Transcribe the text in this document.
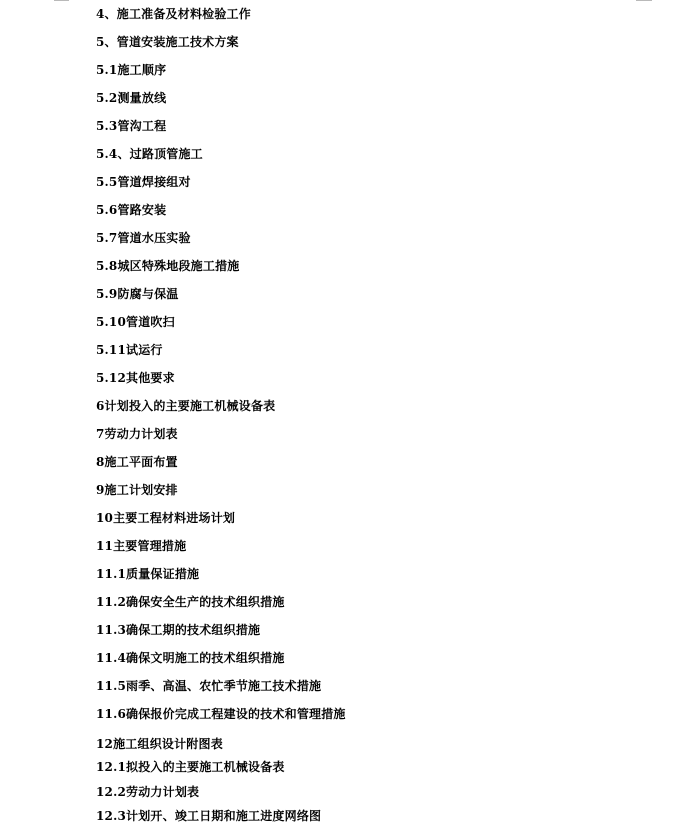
4、施工准备及材料检验工作
5、管道安装施工技术方案
5.1施工顺序
5.2测量放线
5.3管沟工程
5.4、过路顶管施工
5.5管道焊接组对
5.6管路安装
5.7管道水压实验
5.8城区特殊地段施工措施
5.9防腐与保温
5.10管道吹扫
5.11试运行
5.12其他要求
6计划投入的主要施工机械设备表
7劳动力计划表
8施工平面布置
9施工计划安排
10主要工程材料进场计划
11主要管理措施
11.1质量保证措施
11.2确保安全生产的技术组织措施
11.3确保工期的技术组织措施
11.4确保文明施工的技术组织措施
11.5雨季、高温、农忙季节施工技术措施
11.6确保报价完成工程建设的技术和管理措施
12施工组织设计附图表
12.1拟投入的主要施工机械设备表
12.2劳动力计划表
12.3计划开、竣工日期和施工进度网络图
